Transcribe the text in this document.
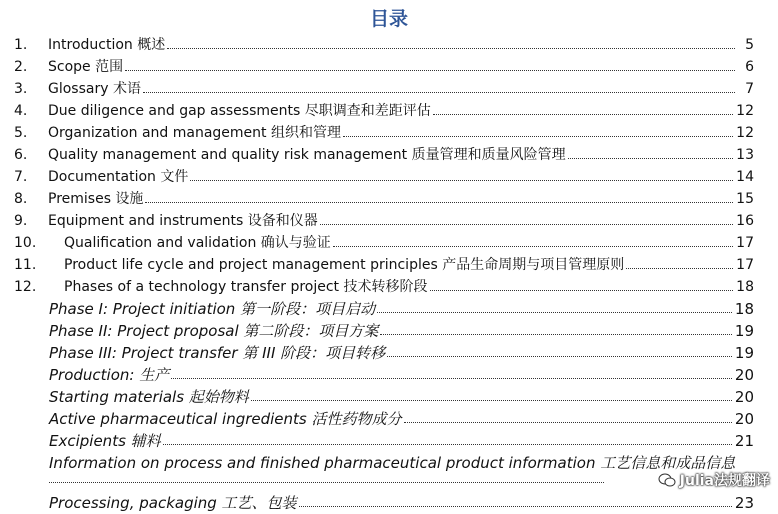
目录
1.	Introduction 概述	5
2.	Scope 范围	6
3.	Glossary 术语	7
4.	Due diligence and gap assessments 尽职调查和差距评估	12
5.	Organization and management 组织和管理	12
6.	Quality management and quality risk management 质量管理和质量风险管理	13
7.	Documentation 文件	14
8.	Premises 设施	15
9.	Equipment and instruments 设备和仪器	16
10.	Qualification and validation 确认与验证	17
11.	Product life cycle and project management principles 产品生命周期与项目管理原则	17
12.	Phases of a technology transfer project 技术转移阶段	18
Phase I: Project initiation 第一阶段：项目启动	18
Phase II: Project proposal 第二阶段：项目方案	19
Phase III: Project transfer 第 III 阶段：项目转移	19
Production: 生产	20
Starting materials 起始物料	20
Active pharmaceutical ingredients 活性药物成分	20
Excipients 辅料	21
Information on process and finished pharmaceutical product information 工艺信息和成品信息
Processing, packaging 工艺、包装	23
Julia法规翻译
